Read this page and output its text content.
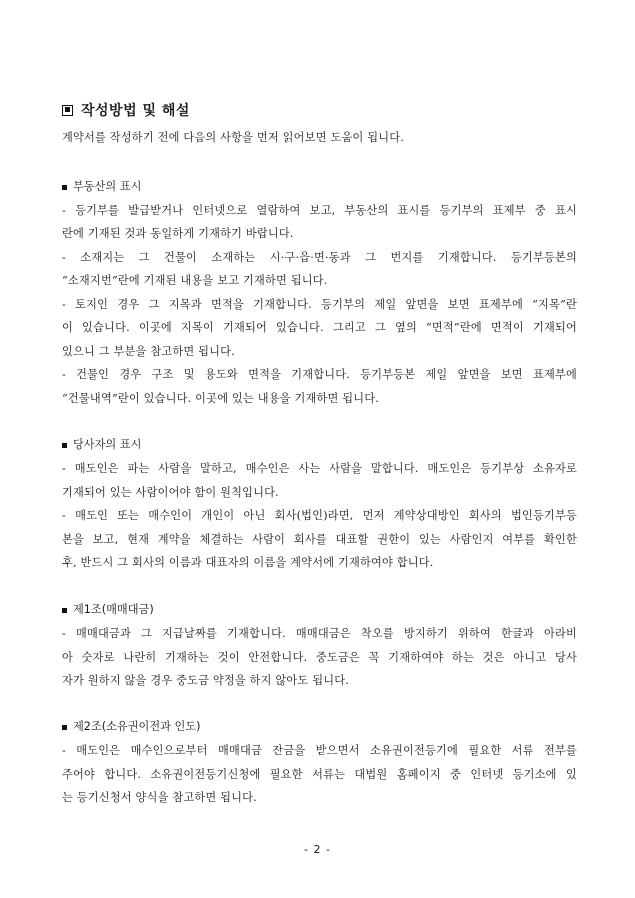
작성방법 및 해설
계약서를 작성하기 전에 다음의 사항을 먼저 읽어보면 도움이 됩니다.
부동산의 표시
- 등기부를 발급받거나 인터넷으로 열람하여 보고, 부동산의 표시를 등기부의 표제부 중 표시
란에 기재된 것과 동일하게 기재하기 바랍니다.
- 소재지는 그 건물이 소재하는 시·구·읍·면·동과 그 번지를 기재합니다. 등기부등본의
“소재지번”란에 기재된 내용을 보고 기재하면 됩니다.
- 토지인 경우 그 지목과 면적을 기재합니다. 등기부의 제일 앞면을 보면 표제부에 “지목”란
이 있습니다. 이곳에 지목이 기재되어 있습니다. 그리고 그 옆의 “면적”란에 면적이 기재되어
있으니 그 부분을 참고하면 됩니다.
- 건물인 경우 구조 및 용도와 면적을 기재합니다. 등기부등본 제일 앞면을 보면 표제부에
“건물내역”란이 있습니다. 이곳에 있는 내용을 기재하면 됩니다.
당사자의 표시
- 매도인은 파는 사람을 말하고, 매수인은 사는 사람을 말합니다. 매도인은 등기부상 소유자로
기재되어 있는 사람이어야 함이 원칙입니다.
- 매도인 또는 매수인이 개인이 아닌 회사(법인)라면, 먼저 계약상대방인 회사의 법인등기부등
본을 보고, 현재 계약을 체결하는 사람이 회사를 대표할 권한이 있는 사람인지 여부를 확인한
후, 반드시 그 회사의 이름과 대표자의 이름을 계약서에 기재하여야 합니다.
제1조(매매대금)
- 매매대금과 그 지급날짜를 기재합니다. 매매대금은 착오를 방지하기 위하여 한글과 아라비
아 숫자로 나란히 기재하는 것이 안전합니다. 중도금은 꼭 기재하여야 하는 것은 아니고 당사
자가 원하지 않을 경우 중도금 약정을 하지 않아도 됩니다.
제2조(소유권이전과 인도)
- 매도인은 매수인으로부터 매매대금 잔금을 받으면서 소유권이전등기에 필요한 서류 전부를
주어야 합니다. 소유권이전등기신청에 필요한 서류는 대법원 홈페이지 중 인터넷 등기소에 있
는 등기신청서 양식을 참고하면 됩니다.
- 2 -
